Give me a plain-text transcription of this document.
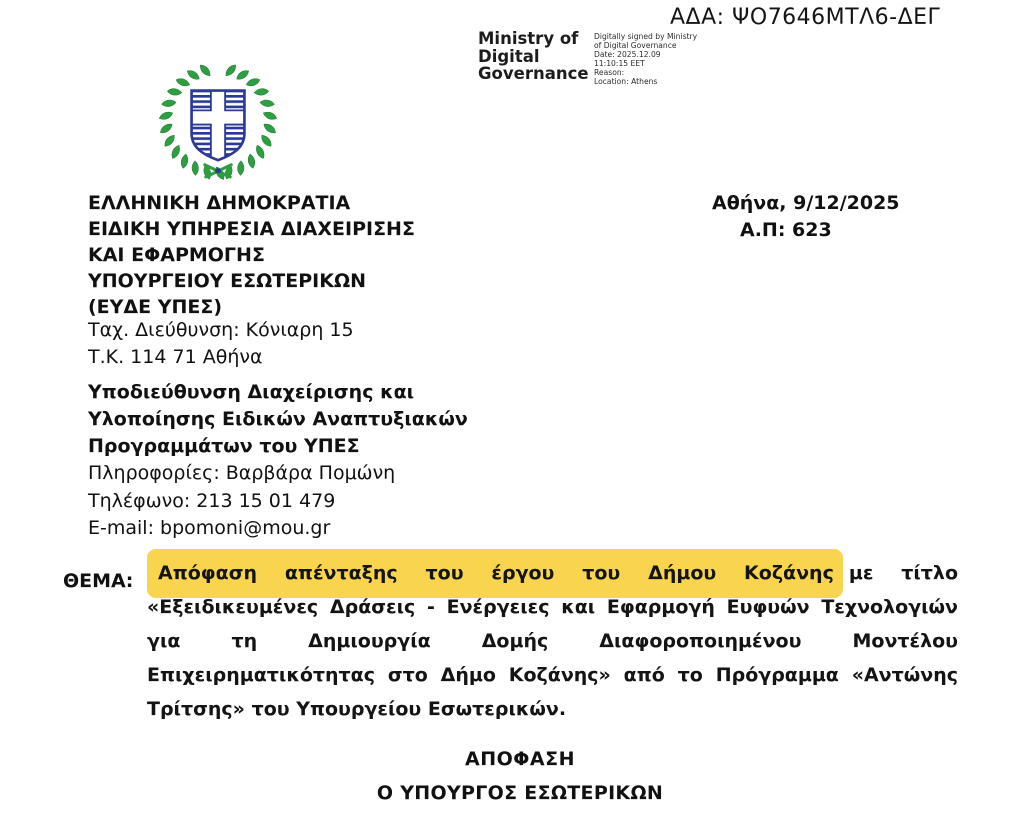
ΑΔΑ: ΨΟ7646ΜΤΛ6-ΔΕΓ
Ministry of
Digital
Governance
Digitally signed by Ministry
of Digital Governance
Date: 2025.12.09
11:10:15 EET
Reason:
Location: Athens
ΕΛΛΗΝΙΚΗ ΔΗΜΟΚΡΑΤΙΑ
ΕΙΔΙΚΗ ΥΠΗΡΕΣΙΑ ΔΙΑΧΕΙΡΙΣΗΣ
ΚΑΙ ΕΦΑΡΜΟΓΗΣ
ΥΠΟΥΡΓΕΙΟΥ ΕΣΩΤΕΡΙΚΩΝ
(ΕΥΔΕ ΥΠΕΣ)
Αθήνα, 9/12/2025
Α.Π: 623
Ταχ. Διεύθυνση: Κόνιαρη 15
Τ.Κ. 114 71 Αθήνα
Υποδιεύθυνση Διαχείρισης και
Υλοποίησης Ειδικών Αναπτυξιακών
Προγραμμάτων του ΥΠΕΣ
Πληροφορίες: Βαρβάρα Πομώνη
Τηλέφωνο: 213 15 01 479
E-mail: bpomoni@mou.gr
ΘΕΜΑ:	Απόφαση απένταξης του έργου του Δήμου Κοζάνης με τίτλο «Εξειδικευμένες Δράσεις - Ενέργειες και Εφαρμογή Ευφυών Τεχνολογιών για τη Δημιουργία Δομής Διαφοροποιημένου Μοντέλου Επιχειρηματικότητας στο Δήμο Κοζάνης» από το Πρόγραμμα «Αντώνης Τρίτσης» του Υπουργείου Εσωτερικών.

ΑΠΟΦΑΣΗ
Ο ΥΠΟΥΡΓΟΣ ΕΣΩΤΕΡΙΚΩΝ
